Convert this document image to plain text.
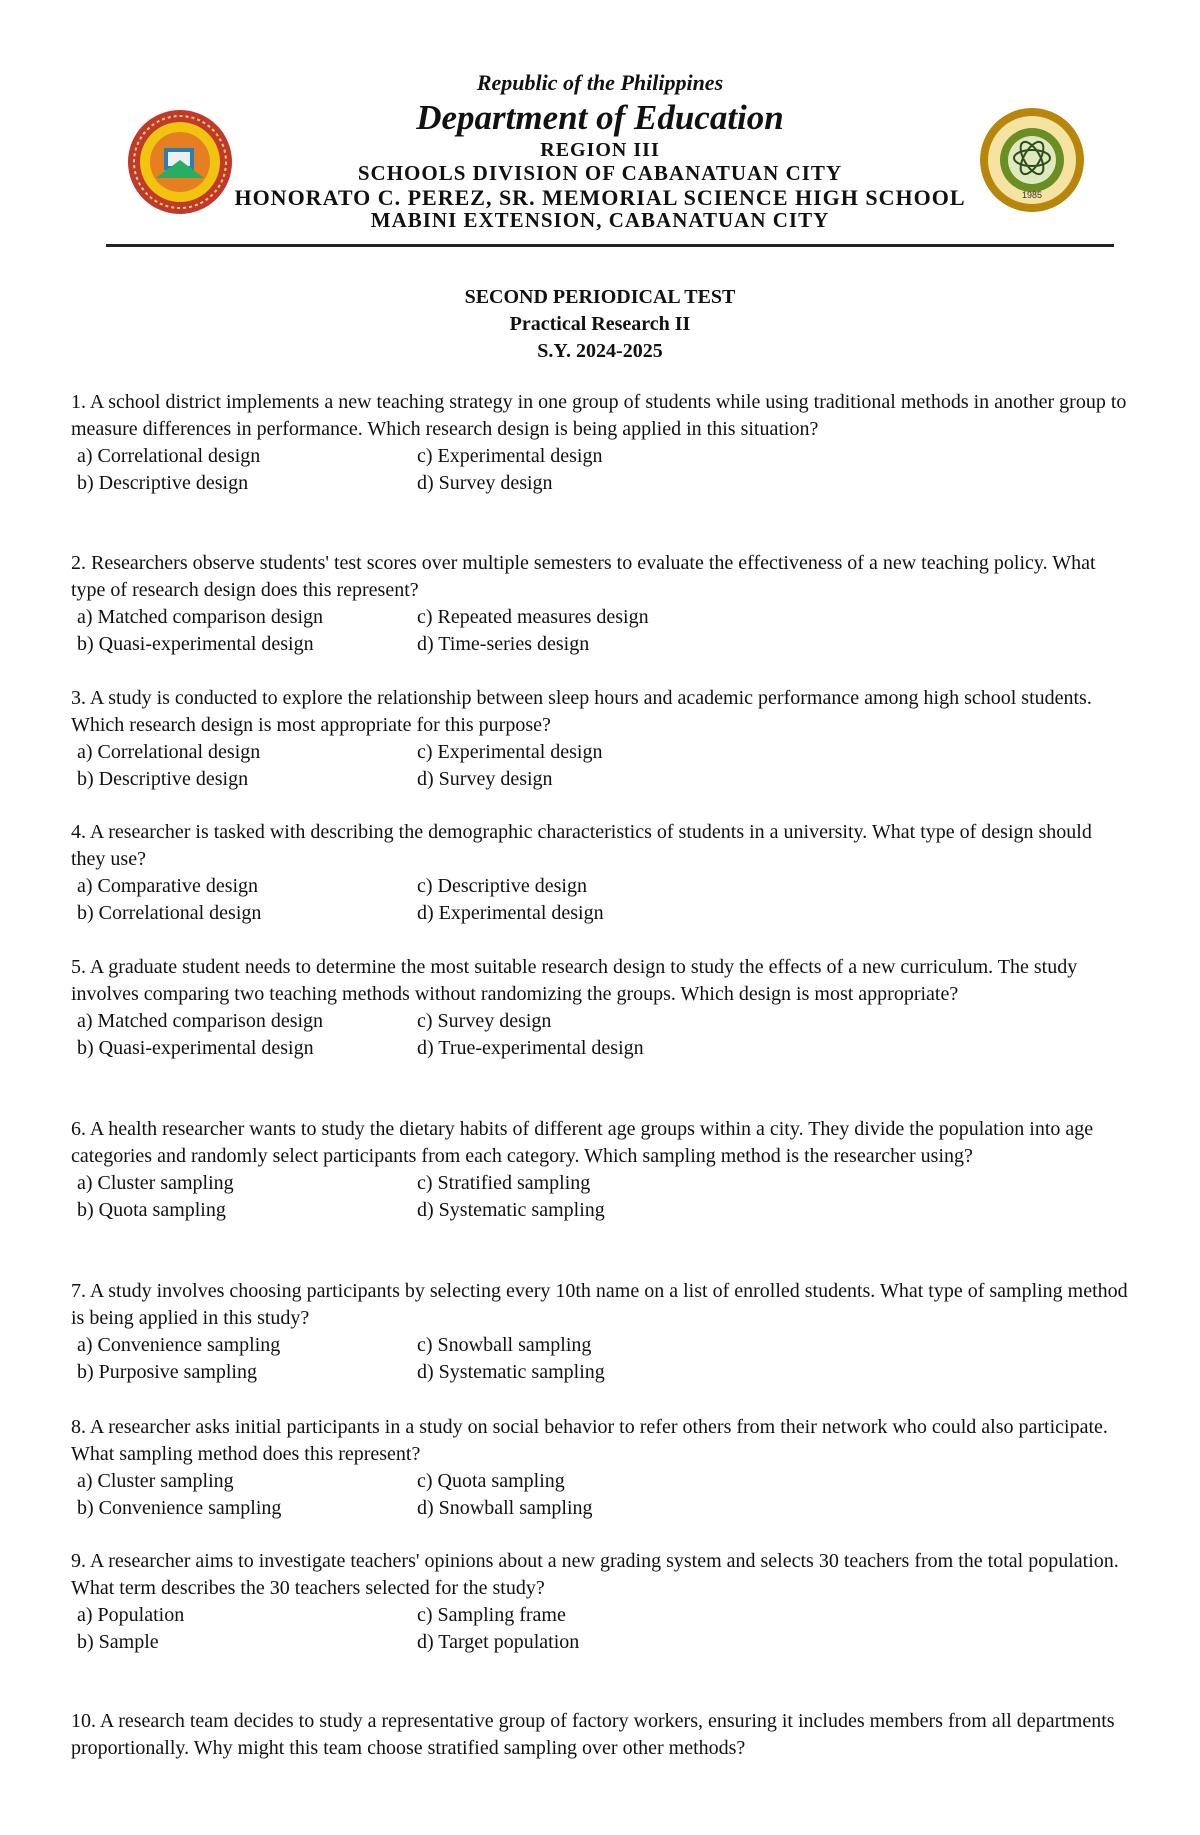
Republic of the Philippines
Department of Education
REGION III
SCHOOLS DIVISION OF CABANATUAN CITY
HONORATO C. PEREZ, SR. MEMORIAL SCIENCE HIGH SCHOOL
MABINI EXTENSION, CABANATUAN CITY
1985
SECOND PERIODICAL TEST
Practical Research II
S.Y. 2024-2025

1. A school district implements a new teaching strategy in one group of students while using traditional methods in another group to measure differences in performance. Which research design is being applied in this situation?

a) Correlational design	c) Experimental design
b) Descriptive design	d) Survey design

2. Researchers observe students' test scores over multiple semesters to evaluate the effectiveness of a new teaching policy. What type of research design does this represent?

a) Matched comparison design	c) Repeated measures design
b) Quasi-experimental design	d) Time-series design

3. A study is conducted to explore the relationship between sleep hours and academic performance among high school students. Which research design is most appropriate for this purpose?

a) Correlational design	c) Experimental design
b) Descriptive design	d) Survey design

4. A researcher is tasked with describing the demographic characteristics of students in a university. What type of design should they use?

a) Comparative design	c) Descriptive design
b) Correlational design	d) Experimental design

5. A graduate student needs to determine the most suitable research design to study the effects of a new curriculum. The study involves comparing two teaching methods without randomizing the groups. Which design is most appropriate?

a) Matched comparison design	c) Survey design
b) Quasi-experimental design	d) True-experimental design

6. A health researcher wants to study the dietary habits of different age groups within a city. They divide the population into age categories and randomly select participants from each category. Which sampling method is the researcher using?

a) Cluster sampling	c) Stratified sampling
b) Quota sampling	d) Systematic sampling

7. A study involves choosing participants by selecting every 10th name on a list of enrolled students. What type of sampling method is being applied in this study?

a) Convenience sampling	c) Snowball sampling
b) Purposive sampling	d) Systematic sampling

8. A researcher asks initial participants in a study on social behavior to refer others from their network who could also participate. What sampling method does this represent?

a) Cluster sampling	c) Quota sampling
b) Convenience sampling	d) Snowball sampling

9. A researcher aims to investigate teachers' opinions about a new grading system and selects 30 teachers from the total population. What term describes the 30 teachers selected for the study?

a) Population	c) Sampling frame
b) Sample	d) Target population

10. A research team decides to study a representative group of factory workers, ensuring it includes members from all departments proportionally. Why might this team choose stratified sampling over other methods?
